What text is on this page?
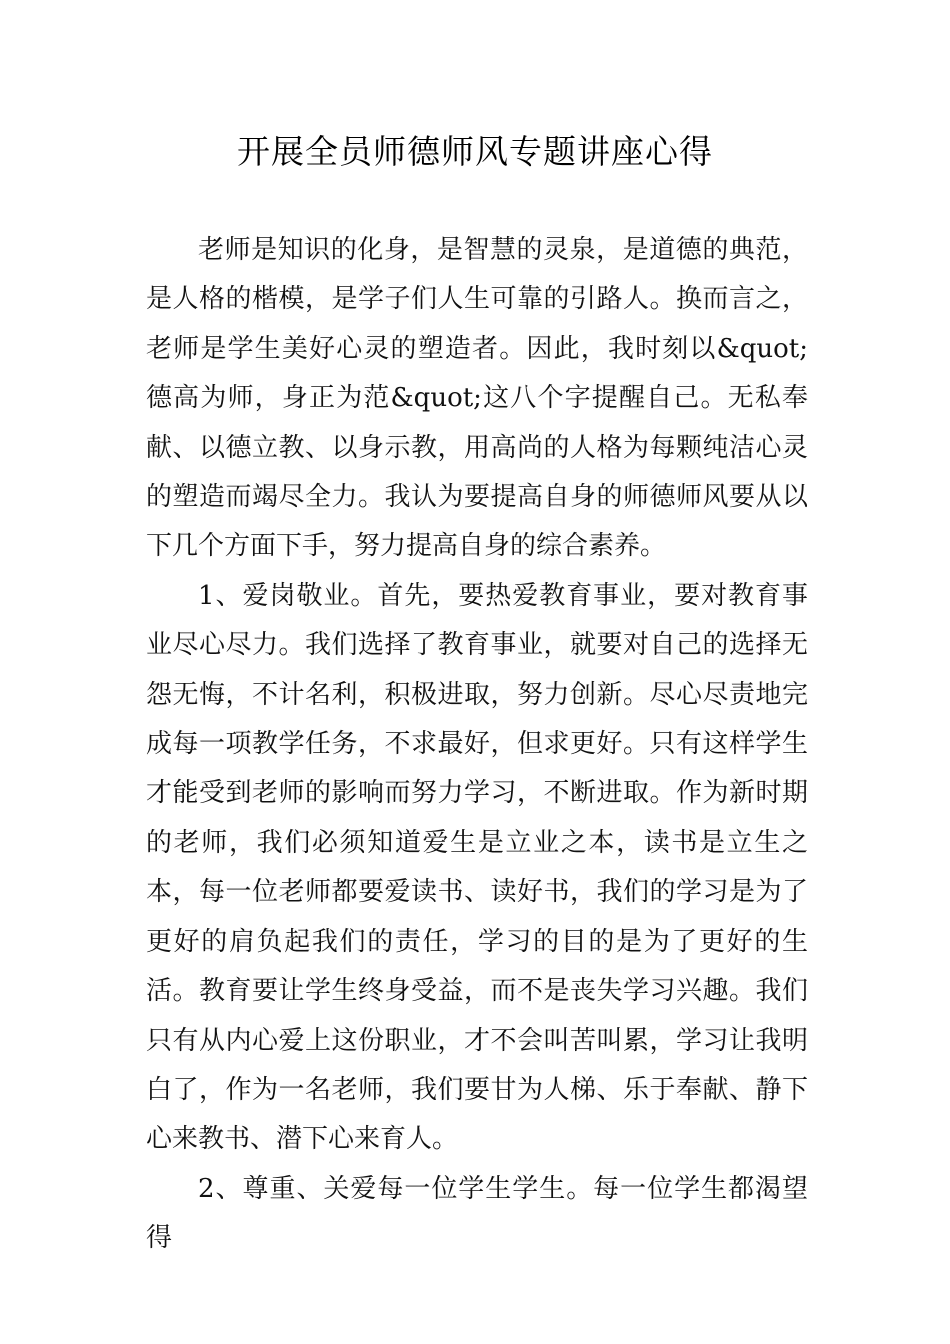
开展全员师德师风专题讲座心得

老师是知识的化身，是智慧的灵泉，是道德的典范，是人格的楷模，是学子们人生可靠的引路人。换而言之，老师是学生美好心灵的塑造者。因此，我时刻以&quot;德高为师，身正为范&quot;这八个字提醒自己。无私奉献、以德立教、以身示教，用高尚的人格为每颗纯洁心灵的塑造而竭尽全力。我认为要提高自身的师德师风要从以下几个方面下手，努力提高自身的综合素养。

1、爱岗敬业。首先，要热爱教育事业，要对教育事业尽心尽力。我们选择了教育事业，就要对自己的选择无怨无悔，不计名利，积极进取，努力创新。尽心尽责地完成每一项教学任务，不求最好，但求更好。只有这样学生才能受到老师的影响而努力学习，不断进取。作为新时期的老师，我们必须知道爱生是立业之本，读书是立生之本，每一位老师都要爱读书、读好书，我们的学习是为了更好的肩负起我们的责任，学习的目的是为了更好的生活。教育要让学生终身受益，而不是丧失学习兴趣。我们只有从内心爱上这份职业，才不会叫苦叫累，学习让我明白了，作为一名老师，我们要甘为人梯、乐于奉献、静下心来教书、潜下心来育人。

2、尊重、关爱每一位学生学生。每一位学生都渴望得
